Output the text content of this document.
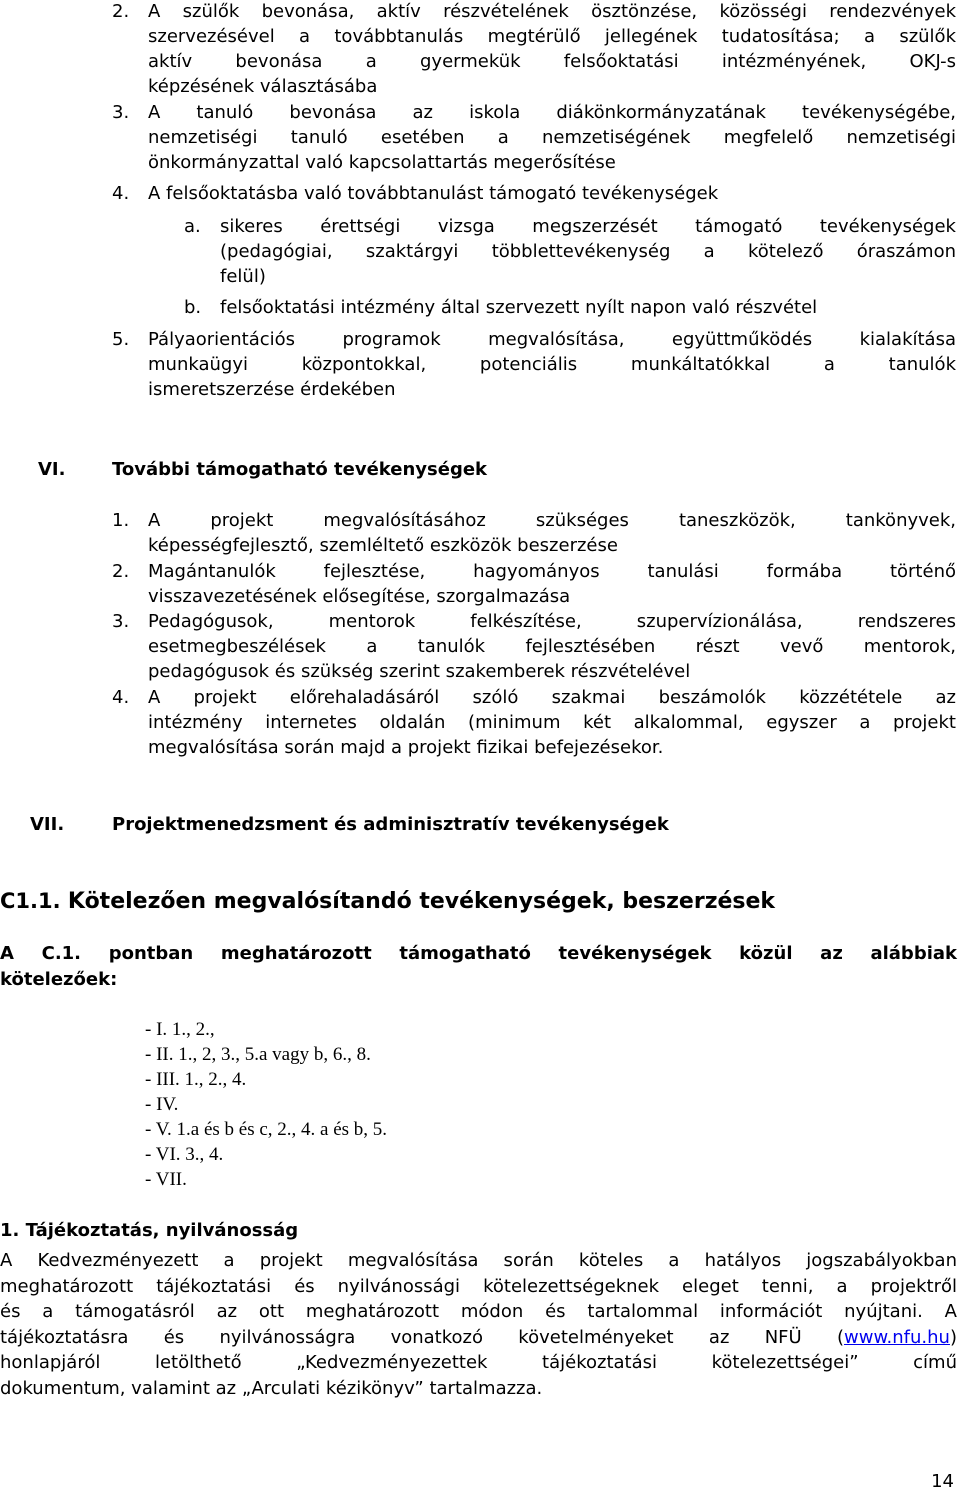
2. A szülők bevonása, aktív részvételének ösztönzése, közösségi rendezvények
szervezésével a továbbtanulás megtérülő jellegének tudatosítása; a szülők
aktív bevonása a gyermekük felsőoktatási intézményének, OKJ-s
képzésének választásába
3. A tanuló bevonása az iskola diákönkormányzatának tevékenységébe,
nemzetiségi tanuló esetében a nemzetiségének megfelelő nemzetiségi
önkormányzattal való kapcsolattartás megerősítése
4. A felsőoktatásba való továbbtanulást támogató tevékenységek
a. sikeres érettségi vizsga megszerzését támogató tevékenységek
(pedagógiai, szaktárgyi többlettevékenység a kötelező óraszámon
felül)
b. felsőoktatási intézmény által szervezett nyílt napon való részvétel
5. Pályaorientációs programok megvalósítása, együttműködés kialakítása
munkaügyi központokkal, potenciális munkáltatókkal a tanulók
ismeretszerzése érdekében
VI.	További támogatható tevékenységek
1. A projekt megvalósításához szükséges taneszközök, tankönyvek,
képességfejlesztő, szemléltető eszközök beszerzése
2. Magántanulók fejlesztése, hagyományos tanulási formába történő
visszavezetésének elősegítése, szorgalmazása
3. Pedagógusok, mentorok felkészítése, szupervízionálása, rendszeres
esetmegbeszélések a tanulók fejlesztésében részt vevő mentorok,
pedagógusok és szükség szerint szakemberek részvételével
4. A projekt előrehaladásáról szóló szakmai beszámolók közzététele az
intézmény internetes oldalán (minimum két alkalommal, egyszer a projekt
megvalósítása során majd a projekt fizikai befejezésekor.
VII.	Projektmenedzsment és adminisztratív tevékenységek
C1.1. Kötelezően megvalósítandó tevékenységek, beszerzések
A C.1. pontban meghatározott támogatható tevékenységek közül az alábbiak
kötelezőek:
- I. 1., 2.,
- II. 1., 2, 3., 5.a vagy b, 6., 8.
- III. 1., 2., 4.
- IV.
- V. 1.a és b és c, 2., 4. a és b, 5.
- VI. 3., 4.
- VII.
1. Tájékoztatás, nyilvánosság
A Kedvezményezett a projekt megvalósítása során köteles a hatályos jogszabályokban
meghatározott tájékoztatási és nyilvánossági kötelezettségeknek eleget tenni, a projektről
és a támogatásról az ott meghatározott módon és tartalommal információt nyújtani. A
tájékoztatásra és nyilvánosságra vonatkozó követelményeket az NFÜ (www.nfu.hu)
honlapjáról letölthető „Kedvezményezettek tájékoztatási kötelezettségei” című
dokumentum, valamint az „Arculati kézikönyv” tartalmazza.
14
